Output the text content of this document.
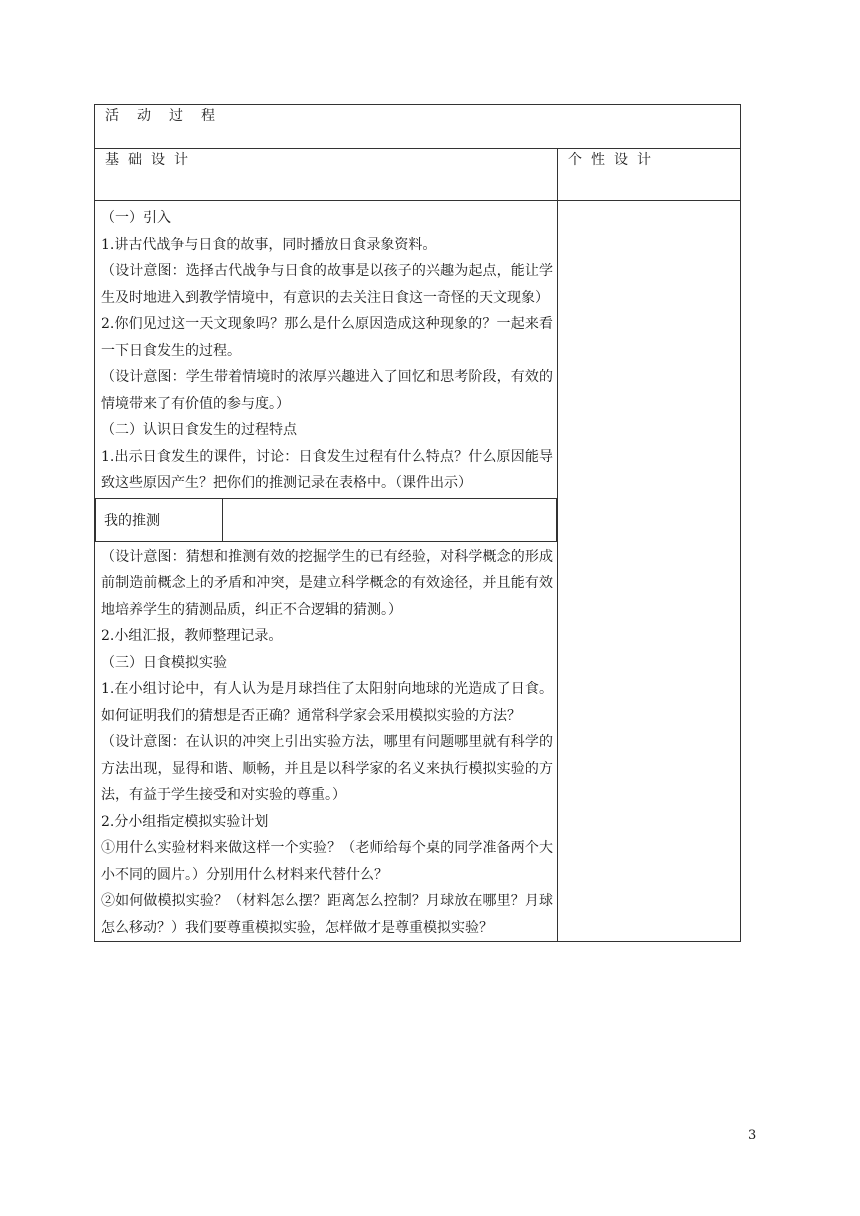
活动过程
基础设计	个性设计

（一）引入
1.讲古代战争与日食的故事，同时播放日食录象资料。
（设计意图：选择古代战争与日食的故事是以孩子的兴趣为起点，能让学生及时地进入到教学情境中，有意识的去关注日食这一奇怪的天文现象）
2.你们见过这一天文现象吗？那么是什么原因造成这种现象的？一起来看一下日食发生的过程。
（设计意图：学生带着情境时的浓厚兴趣进入了回忆和思考阶段，有效的情境带来了有价值的参与度。）
（二）认识日食发生的过程特点
1.出示日食发生的课件，讨论：日食发生过程有什么特点？什么原因能导致这些原因产生？把你们的推测记录在表格中。（课件出示）
我的推测	
（设计意图：猜想和推测有效的挖掘学生的已有经验，对科学概念的形成前制造前概念上的矛盾和冲突，是建立科学概念的有效途径，并且能有效地培养学生的猜测品质，纠正不合逻辑的猜测。）
2.小组汇报，教师整理记录。
（三）日食模拟实验
1.在小组讨论中，有人认为是月球挡住了太阳射向地球的光造成了日食。如何证明我们的猜想是否正确？通常科学家会采用模拟实验的方法？
（设计意图：在认识的冲突上引出实验方法，哪里有问题哪里就有科学的方法出现，显得和谐、顺畅，并且是以科学家的名义来执行模拟实验的方法，有益于学生接受和对实验的尊重。）
2.分小组指定模拟实验计划
①用什么实验材料来做这样一个实验？（老师给每个桌的同学准备两个大小不同的圆片。）分别用什么材料来代替什么？
②如何做模拟实验？（材料怎么摆？距离怎么控制？月球放在哪里？月球怎么移动？）我们要尊重模拟实验，怎样做才是尊重模拟实验？

3
